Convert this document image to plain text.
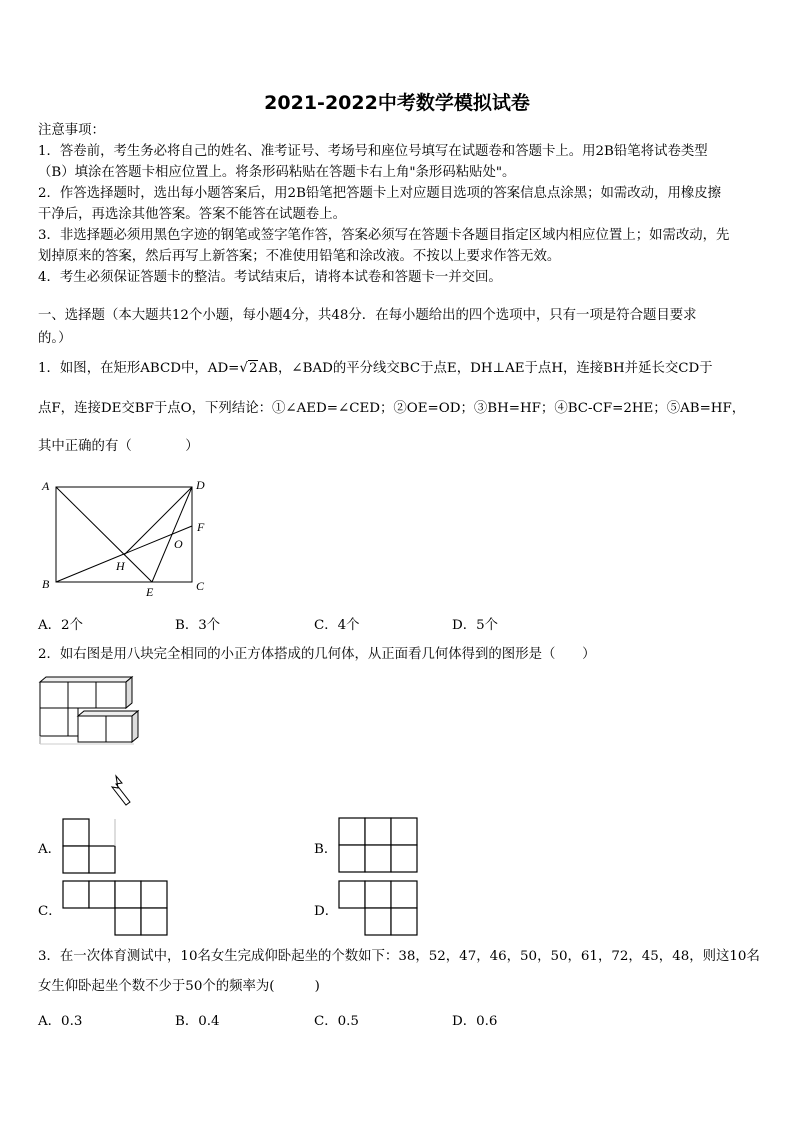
2021-2022中考数学模拟试卷
注意事项：
1．答卷前，考生务必将自己的姓名、准考证号、考场号和座位号填写在试题卷和答题卡上。用2B铅笔将试卷类型
（B）填涂在答题卡相应位置上。将条形码粘贴在答题卡右上角"条形码粘贴处"。
2．作答选择题时，选出每小题答案后，用2B铅笔把答题卡上对应题目选项的答案信息点涂黑；如需改动，用橡皮擦
干净后，再选涂其他答案。答案不能答在试题卷上。
3．非选择题必须用黑色字迹的钢笔或签字笔作答，答案必须写在答题卡各题目指定区域内相应位置上；如需改动，先
划掉原来的答案，然后再写上新答案；不准使用铅笔和涂改液。不按以上要求作答无效。
4．考生必须保证答题卡的整洁。考试结束后，请将本试卷和答题卡一并交回。
一、选择题（本大题共12个小题，每小题4分，共48分．在每小题给出的四个选项中，只有一项是符合题目要求
的。）
1．如图，在矩形ABCD中，AD=√2AB，∠BAD的平分线交BC于点E，DH⊥AE于点H，连接BH并延长交CD于
点F，连接DE交BF于点O，下列结论：①∠AED=∠CED；②OE=OD；③BH=HF；④BC-CF=2HE；⑤AB=HF，
其中正确的有（　　　　）
A	D
B	C
E
F
H
O
A．2个	B．3个	C．4个	D．5个
2．如右图是用八块完全相同的小正方体搭成的几何体，从正面看几何体得到的图形是（　　）
A．	B．
C．	D．
3．在一次体育测试中，10名女生完成仰卧起坐的个数如下：38，52，47，46，50，50，61，72，45，48，则这10名
女生仰卧起坐个数不少于50个的频率为(　　　)
A．0.3	B．0.4	C．0.5	D．0.6
